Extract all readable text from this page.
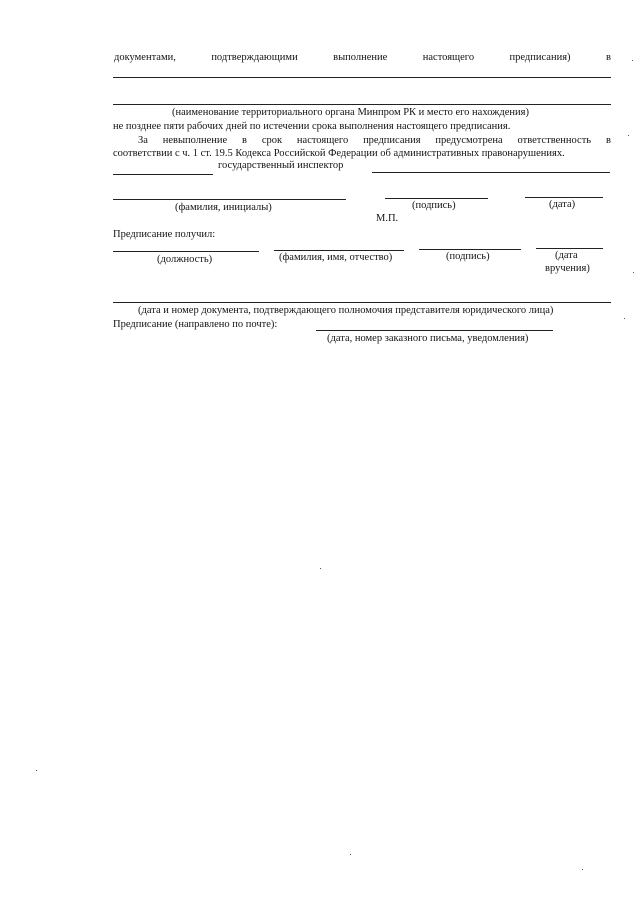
документами,	подтверждающими	выполнение	настоящего	предписания)	в
(наименование территориального органа Минпром РК и место его нахождения)
не позднее пяти рабочих дней по истечении срока выполнения настоящего предписания.
За невыполнение в срок настоящего предписания предусмотрена ответственность в
соответствии с ч. 1 ст. 19.5 Кодекса Российской Федерации об административных правонарушениях.
государственный инспектор
(фамилия, инициалы)	(подпись)	(дата)
М.П.
Предписание получил:
(должность)	(фамилия, имя, отчество)	(подпись)	(дата
вручения)
(дата и номер документа, подтверждающего полномочия представителя юридического лица)
Предписание (направлено по почте):
(дата, номер заказного письма, уведомления)
